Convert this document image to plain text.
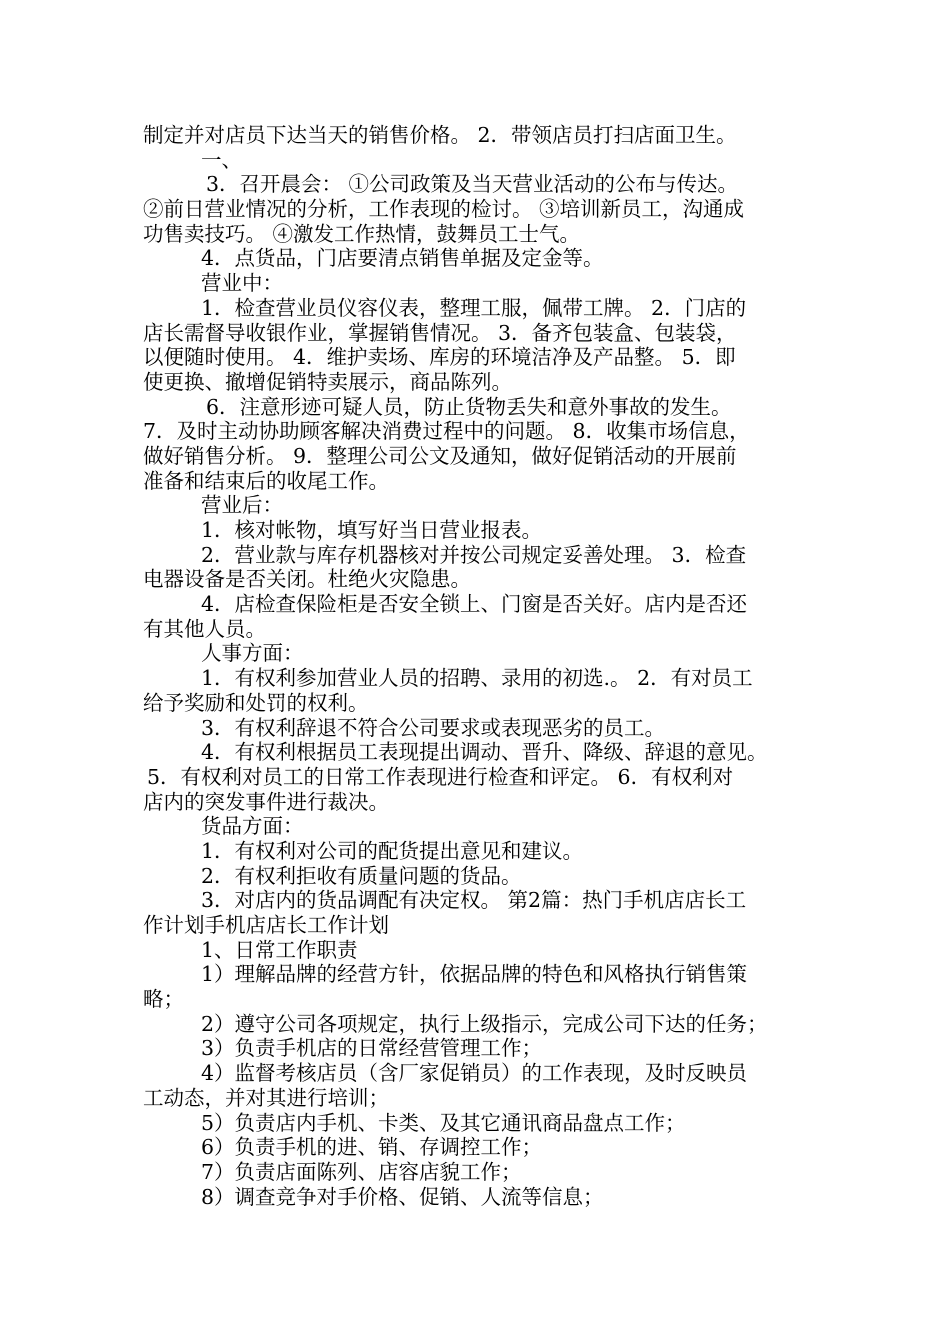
制定并对店员下达当天的销售价格。 2．带领店员打扫店面卫生。
一、
3．召开晨会： ①公司政策及当天营业活动的公布与传达。
②前日营业情况的分析，工作表现的检讨。 ③培训新员工，沟通成
功售卖技巧。 ④激发工作热情，鼓舞员工士气。
4．点货品，门店要清点销售单据及定金等。
营业中：
1．检查营业员仪容仪表，整理工服，佩带工牌。 2．门店的
店长需督导收银作业，掌握销售情况。 3．备齐包装盒、包装袋，
以便随时使用。 4．维护卖场、库房的环境洁净及产品整。 5．即
使更换、撤增促销特卖展示，商品陈列。
6．注意形迹可疑人员，防止货物丢失和意外事故的发生。
7．及时主动协助顾客解决消费过程中的问题。 8．收集市场信息，
做好销售分析。 9．整理公司公文及通知，做好促销活动的开展前
准备和结束后的收尾工作。
营业后：
1．核对帐物，填写好当日营业报表。
2．营业款与库存机器核对并按公司规定妥善处理。 3．检查
电器设备是否关闭。杜绝火灾隐患。
4．店检查保险柜是否安全锁上、门窗是否关好。店内是否还
有其他人员。
人事方面：
1．有权利参加营业人员的招聘、录用的初选.。 2．有对员工
给予奖励和处罚的权利。
3．有权利辞退不符合公司要求或表现恶劣的员工。
4．有权利根据员工表现提出调动、晋升、降级、辞退的意见。
5．有权利对员工的日常工作表现进行检查和评定。 6．有权利对
店内的突发事件进行裁决。
货品方面：
1．有权利对公司的配货提出意见和建议。
2．有权利拒收有质量问题的货品。
3．对店内的货品调配有决定权。 第2篇：热门手机店店长工
作计划手机店店长工作计划
1、日常工作职责
1）理解品牌的经营方针，依据品牌的特色和风格执行销售策
略；
2）遵守公司各项规定，执行上级指示，完成公司下达的任务；
3）负责手机店的日常经营管理工作；
4）监督考核店员（含厂家促销员）的工作表现，及时反映员
工动态，并对其进行培训；
5）负责店内手机、卡类、及其它通讯商品盘点工作；
6）负责手机的进、销、存调控工作；
7）负责店面陈列、店容店貌工作；
8）调查竞争对手价格、促销、人流等信息；
